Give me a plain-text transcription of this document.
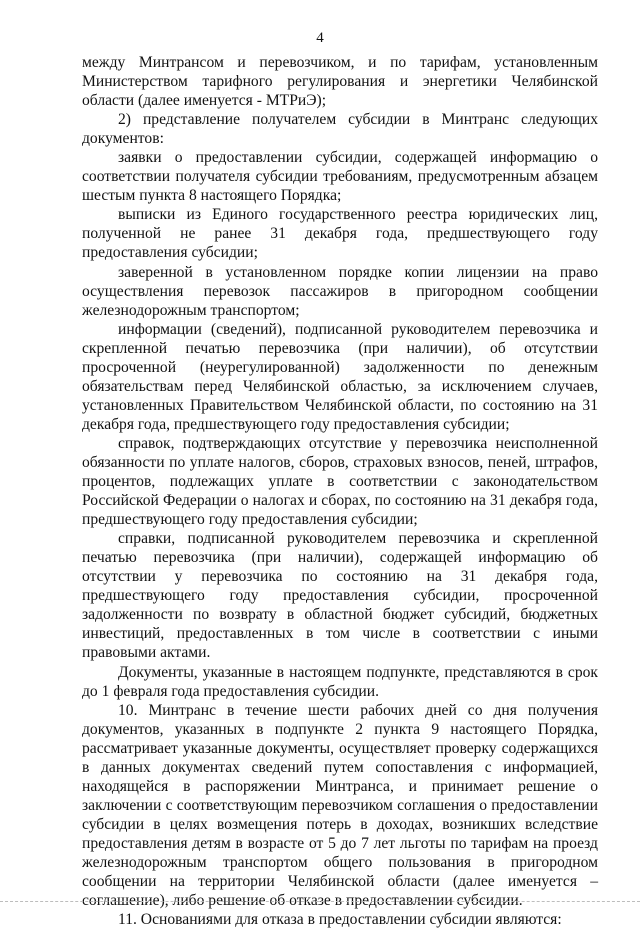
4

между Минтрансом и перевозчиком, и по тарифам, установленным Министерством тарифного регулирования и энергетики Челябинской области (далее именуется - МТРиЭ);

2) представление получателем субсидии в Минтранс следующих документов:

заявки о предоставлении субсидии, содержащей информацию о соответствии получателя субсидии требованиям, предусмотренным абзацем шестым пункта 8 настоящего Порядка;

выписки из Единого государственного реестра юридических лиц, полученной не ранее 31 декабря года, предшествующего году предоставления субсидии;

заверенной в установленном порядке копии лицензии на право осуществления перевозок пассажиров в пригородном сообщении железнодорожным транспортом;

информации (сведений), подписанной руководителем перевозчика и скрепленной печатью перевозчика (при наличии), об отсутствии просроченной (неурегулированной) задолженности по денежным обязательствам перед Челябинской областью, за исключением случаев, установленных Правительством Челябинской области, по состоянию на 31 декабря года, предшествующего году предоставления субсидии;

справок, подтверждающих отсутствие у перевозчика неисполненной обязанности по уплате налогов, сборов, страховых взносов, пеней, штрафов, процентов, подлежащих уплате в соответствии с законодательством Российской Федерации о налогах и сборах, по состоянию на 31 декабря года, предшествующего году предоставления субсидии;

справки, подписанной руководителем перевозчика и скрепленной печатью перевозчика (при наличии), содержащей информацию об отсутствии у перевозчика по состоянию на 31 декабря года, предшествующего году предоставления субсидии, просроченной задолженности по возврату в областной бюджет субсидий, бюджетных инвестиций, предоставленных в том числе в соответствии с иными правовыми актами.

Документы, указанные в настоящем подпункте, представляются в срок до 1 февраля года предоставления субсидии.

10. Минтранс в течение шести рабочих дней со дня получения документов, указанных в подпункте 2 пункта 9 настоящего Порядка, рассматривает указанные документы, осуществляет проверку содержащихся в данных документах сведений путем сопоставления с информацией, находящейся в распоряжении Минтранса, и принимает решение о заключении с соответствующим перевозчиком соглашения о предоставлении субсидии в целях возмещения потерь в доходах, возникших вследствие предоставления детям в возрасте от 5 до 7 лет льготы по тарифам на проезд железнодорожным транспортом общего пользования в пригородном сообщении на территории Челябинской области (далее именуется – соглашение), либо решение об отказе в предоставлении субсидии.

11. Основаниями для отказа в предоставлении субсидии являются:
